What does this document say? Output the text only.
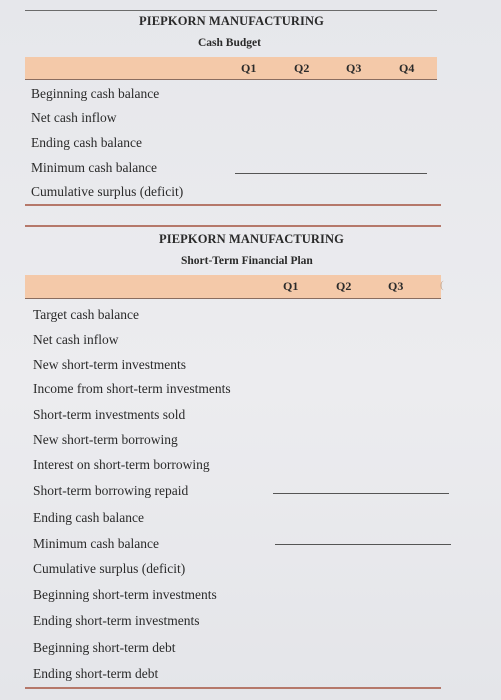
PIEPKORN MANUFACTURING
Cash Budget
Q1	Q2	Q3	Q4
Beginning cash balance
Net cash inflow
Ending cash balance
Minimum cash balance
Cumulative surplus (deficit)
PIEPKORN MANUFACTURING
Short-Term Financial Plan
Q1	Q2	Q3	(
Target cash balance
Net cash inflow
New short-term investments
Income from short-term investments
Short-term investments sold
New short-term borrowing
Interest on short-term borrowing
Short-term borrowing repaid
Ending cash balance
Minimum cash balance
Cumulative surplus (deficit)
Beginning short-term investments
Ending short-term investments
Beginning short-term debt
Ending short-term debt
